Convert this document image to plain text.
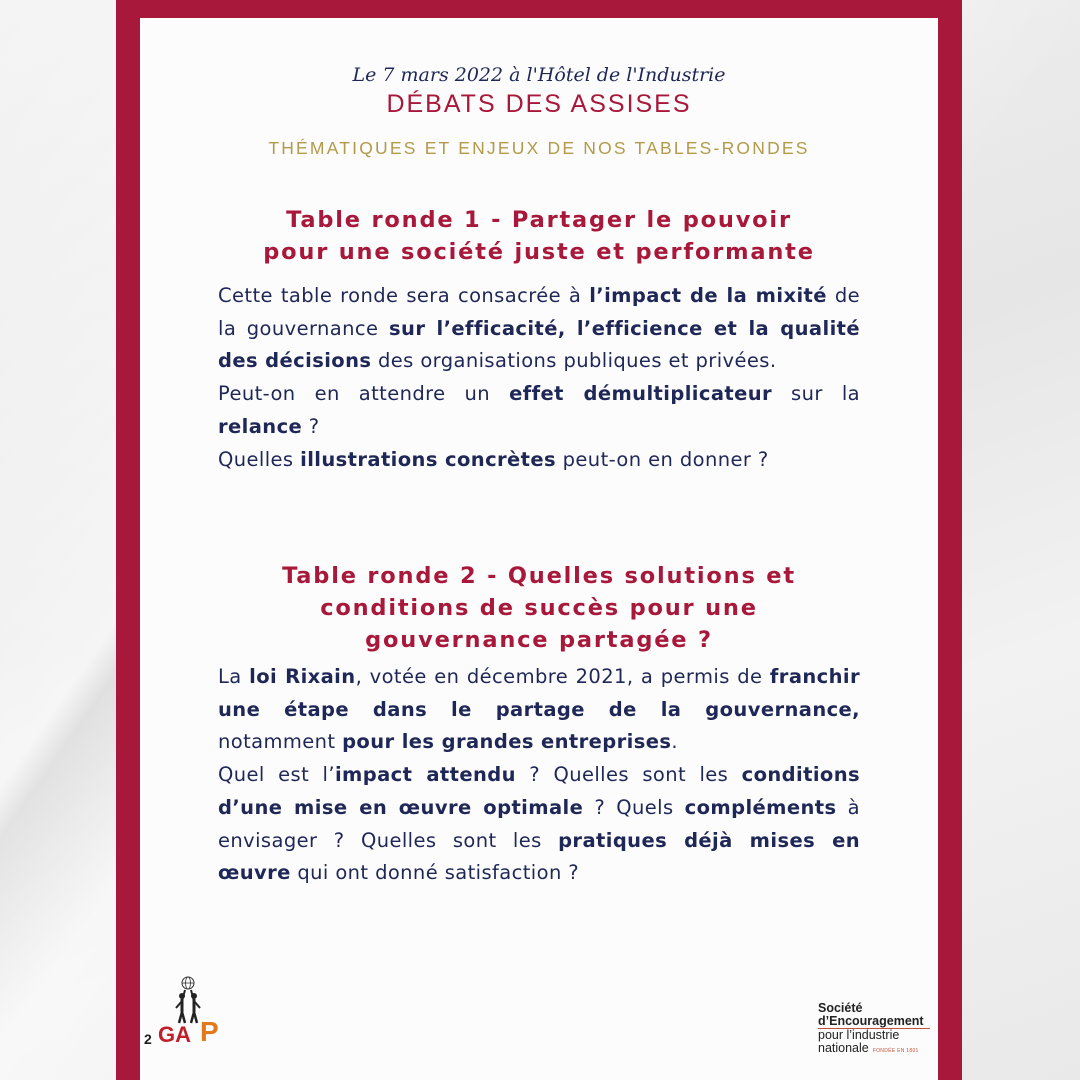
Le 7 mars 2022 à l'Hôtel de l'Industrie
DÉBATS DES ASSISES
THÉMATIQUES ET ENJEUX DE NOS TABLES-RONDES
Table ronde 1 - Partager le pouvoir
pour une société juste et performante

Cette table ronde sera consacrée à l’impact de la mixité de la gouvernance sur l’efficacité, l’efficience et la qualité des décisions des organisations publiques et privées.

Peut-on en attendre un effet démultiplicateur sur la relance ?

Quelles illustrations concrètes peut-on en donner ?

Table ronde 2 - Quelles solutions et
conditions de succès pour une
gouvernance partagée ?

La loi Rixain, votée en décembre 2021, a permis de franchir une étape dans le partage de la gouvernance, notamment pour les grandes entreprises.

Quel est l’impact attendu ? Quelles sont les conditions d’une mise en œuvre optimale ? Quels compléments à envisager ? Quelles sont les pratiques déjà mises en œuvre qui ont donné satisfaction ?

2 GA P
Société
d’Encouragement
pour l’industrie
nationale FONDÉE EN 1801
